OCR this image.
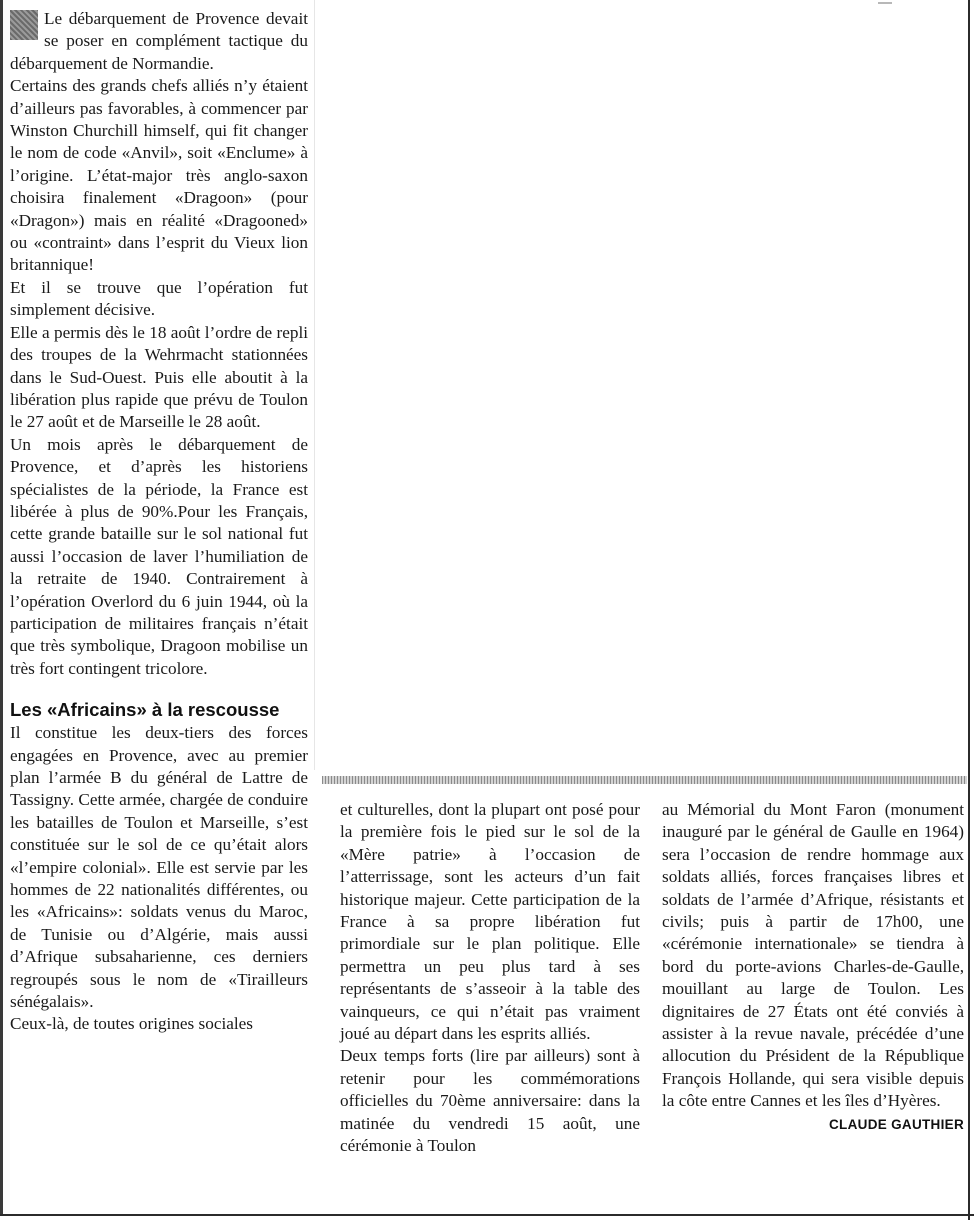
Le débarquement de Provence devait se poser en complément tactique du débarquement de Normandie.

Certains des grands chefs alliés n’y étaient d’ailleurs pas favorables, à commencer par Winston Churchill himself, qui fit changer le nom de code «Anvil», soit «Enclume» à l’origine. L’état-major très anglo-saxon choisira finalement «Dragoon» (pour «Dragon») mais en réalité «Dragooned» ou «contraint» dans l’esprit du Vieux lion britannique!

Et il se trouve que l’opération fut simplement décisive.

Elle a permis dès le 18 août l’ordre de repli des troupes de la Wehrmacht stationnées dans le Sud-Ouest. Puis elle aboutit à la libération plus rapide que prévu de Toulon le 27 août et de Marseille le 28 août.

Un mois après le débarquement de Provence, et d’après les historiens spécialistes de la période, la France est libérée à plus de 90%.Pour les Français, cette grande bataille sur le sol national fut aussi l’occasion de laver l’humiliation de la retraite de 1940. Contrairement à l’opération Overlord du 6 juin 1944, où la participation de militaires français n’était que très symbolique, Dragoon mobilise un très fort contingent tricolore.

Les «Africains» à la rescousse

Il constitue les deux-tiers des forces engagées en Provence, avec au premier plan l’armée B du général de Lattre de Tassigny. Cette armée, chargée de conduire les batailles de Toulon et Marseille, s’est constituée sur le sol de ce qu’était alors «l’empire colonial». Elle est servie par les hommes de 22 nationalités différentes, ou les «Africains»: soldats venus du Maroc, de Tunisie ou d’Algérie, mais aussi d’Afrique subsaharienne, ces derniers regroupés sous le nom de «Tirailleurs sénégalais».

Ceux-là, de toutes origines sociales

et culturelles, dont la plupart ont posé pour la première fois le pied sur le sol de la «Mère patrie» à l’occasion de l’atterrissage, sont les acteurs d’un fait historique majeur. Cette participation de la France à sa propre libération fut primordiale sur le plan politique. Elle permettra un peu plus tard à ses représentants de s’asseoir à la table des vainqueurs, ce qui n’était pas vraiment joué au départ dans les esprits alliés.

Deux temps forts (lire par ailleurs) sont à retenir pour les commémorations officielles du 70ème anniversaire: dans la matinée du vendredi 15 août, une cérémonie à Toulon

au Mémorial du Mont Faron (monument inauguré par le général de Gaulle en 1964) sera l’occasion de rendre hommage aux soldats alliés, forces françaises libres et soldats de l’armée d’Afrique, résistants et civils; puis à partir de 17h00, une «cérémonie internationale» se tiendra à bord du porte-avions Charles-de-Gaulle, mouillant au large de Toulon. Les dignitaires de 27 États ont été conviés à assister à la revue navale, précédée d’une allocution du Président de la République François Hollande, qui sera visible depuis la côte entre Cannes et les îles d’Hyères.

CLAUDE GAUTHIER
